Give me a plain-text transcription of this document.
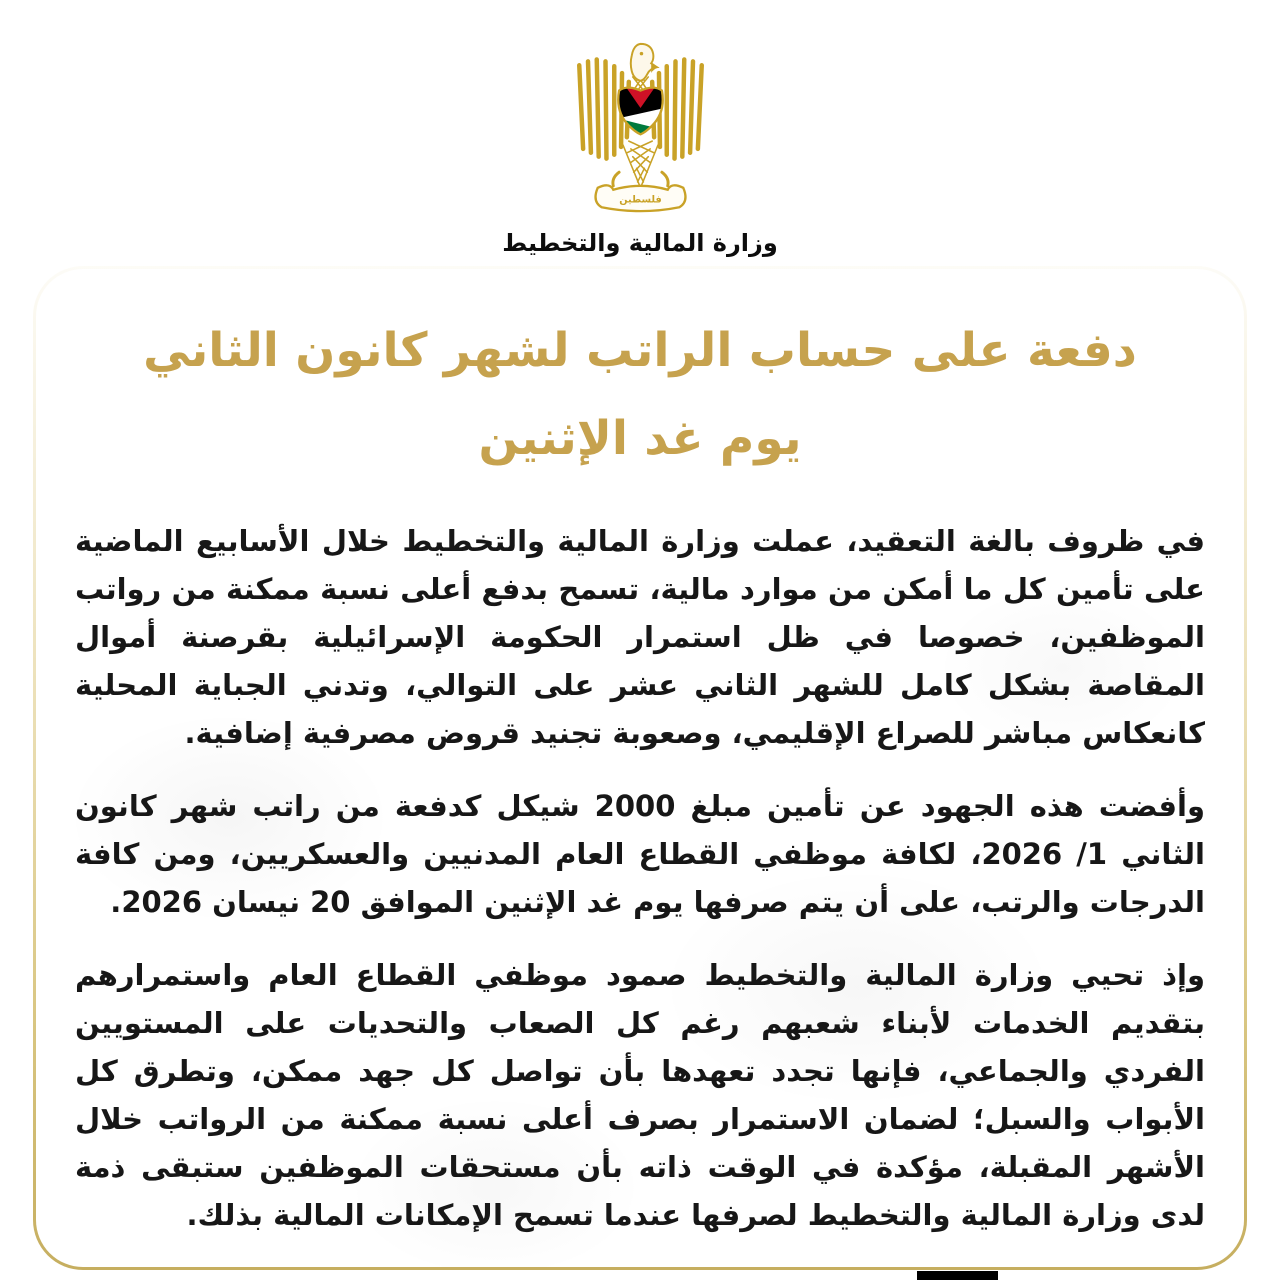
فلسطين
وزارة المالية والتخطيط
دفعة على حساب الراتب لشهر كانون الثاني
يوم غد الإثنين

في ظروف بالغة التعقيد، عملت وزارة المالية والتخطيط خلال الأسابيع الماضية على تأمين كل ما أمكن من موارد مالية، تسمح بدفع أعلى نسبة ممكنة من رواتب الموظفين، خصوصا في ظل استمرار الحكومة الإسرائيلية بقرصنة أموال المقاصة بشكل كامل للشهر الثاني عشر على التوالي، وتدني الجباية المحلية كانعكاس مباشر للصراع الإقليمي، وصعوبة تجنيد قروض مصرفية إضافية.

وأفضت هذه الجهود عن تأمين مبلغ 2000 شيكل كدفعة من راتب شهر كانون الثاني 1/ 2026، لكافة موظفي القطاع العام المدنيين والعسكريين، ومن كافة الدرجات والرتب، على أن يتم صرفها يوم غد الإثنين الموافق 20 نيسان 2026.

وإذ تحيي وزارة المالية والتخطيط صمود موظفي القطاع العام واستمرارهم بتقديم الخدمات لأبناء شعبهم رغم كل الصعاب والتحديات على المستويين الفردي والجماعي، فإنها تجدد تعهدها بأن تواصل كل جهد ممكن، وتطرق كل الأبواب والسبل؛ لضمان الاستمرار بصرف أعلى نسبة ممكنة من الرواتب خلال الأشهر المقبلة، مؤكدة في الوقت ذاته بأن مستحقات الموظفين ستبقى ذمة لدى وزارة المالية والتخطيط لصرفها عندما تسمح الإمكانات المالية بذلك.
